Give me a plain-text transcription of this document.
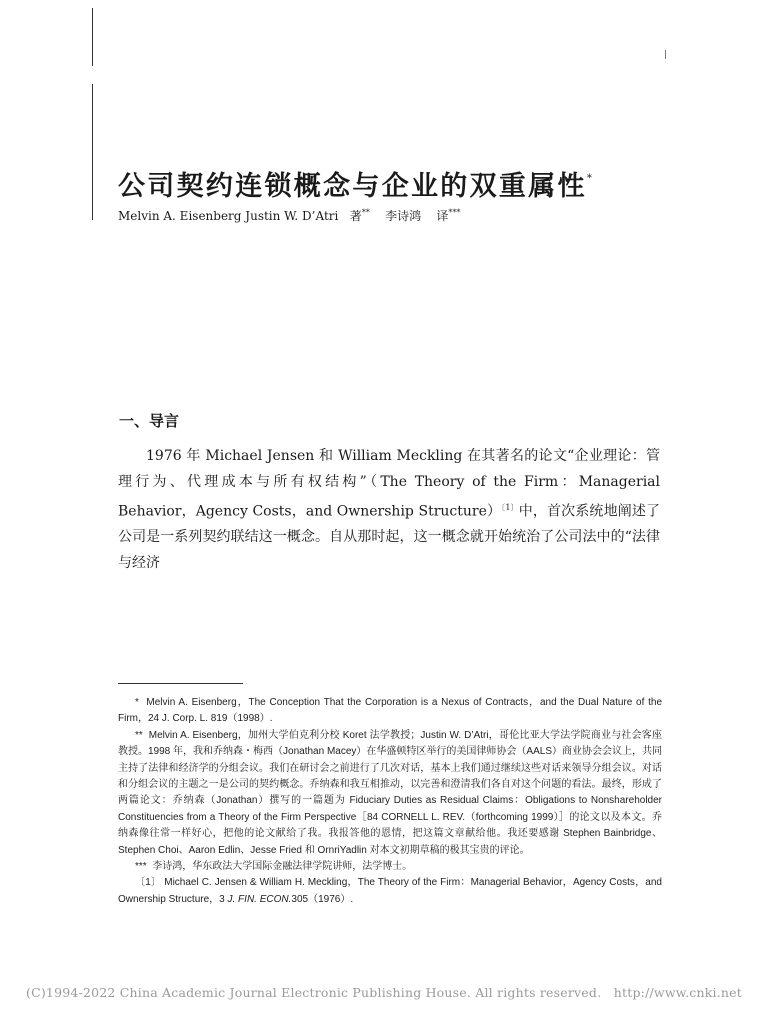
公司契约连锁概念与企业的双重属性*
Melvin A. Eisenberg Justin W. D’Atri 著** 李诗鸿 译***
一、导言

1976 年 Michael Jensen 和 William Meckling 在其著名的论文“企业理论：管理行为、代理成本与所有权结构”（The Theory of the Firm：Managerial Behavior，Agency Costs，and Ownership Structure）$^{〔1〕}$中，首次系统地阐述了公司是一系列契约联结这一概念。自从那时起，这一概念就开始统治了公司法中的“法律与经济

* Melvin A. Eisenberg，The Conception That the Corporation is a Nexus of Contracts，and the Dual Nature of the Firm，24 J. Corp. L. 819（1998）.

** Melvin A. Eisenberg，加州大学伯克利分校 Koret 法学教授；Justin W. D’Atri，哥伦比亚大学法学院商业与社会客座教授。1998 年，我和乔纳森・梅西（Jonathan Macey）在华盛顿特区举行的美国律师协会（AALS）商业协会会议上，共同主持了法律和经济学的分组会议。我们在研讨会之前进行了几次对话，基本上我们通过继续这些对话来领导分组会议。对话和分组会议的主题之一是公司的契约概念。乔纳森和我互相推动，以完善和澄清我们各自对这个问题的看法。最终，形成了两篇论文：乔纳森（Jonathan）撰写的一篇题为 Fiduciary Duties as Residual Claims：Obligations to Nonshareholder Constituencies from a Theory of the Firm Perspective［84 CORNELL L. REV.（forthcoming 1999）］的论文以及本文。乔纳森像往常一样好心，把他的论文献给了我。我报答他的恩情，把这篇文章献给他。我还要感谢 Stephen Bainbridge、Stephen Choi、Aaron Edlin、Jesse Fried 和 OrnriYadlin 对本文初期草稿的极其宝贵的评论。

*** 李诗鸿，华东政法大学国际金融法律学院讲师，法学博士。

〔1〕 Michael C. Jensen & William H. Meckling，The Theory of the Firm：Managerial Behavior，Agency Costs，and Ownership Structure，3 J. FIN. ECON.305（1976）.

(C)1994-2022 China Academic Journal Electronic Publishing House. All rights reserved. http://www.cnki.net
